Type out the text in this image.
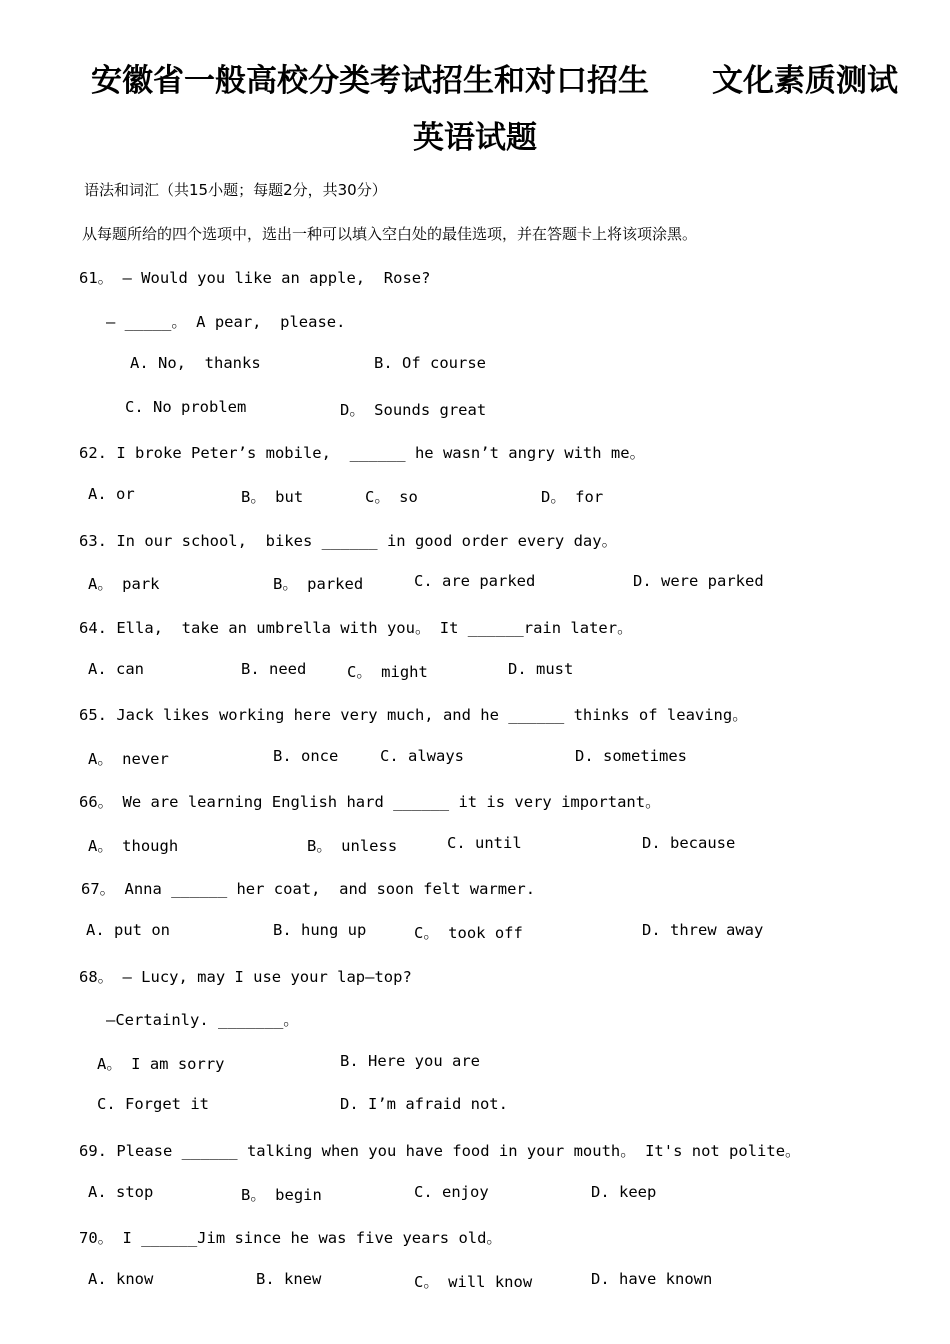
安徽省一般高校分类考试招生和对口招生 文化素质测试
英语试题
语法和词汇（共15小题；每题2分，共30分）
从每题所给的四个选项中，选出一种可以填入空白处的最佳选项，并在答题卡上将该项涂黑。
61。 — Would you like an apple,  Rose?
— _____。 A pear,  please.
A. No,  thanks	B. Of course
C. No problem	D。 Sounds great
62. I broke Peter’s mobile,  ______ he wasn’t angry with me。
A. or	B。 but	C。 so	D。 for
63. In our school,  bikes ______ in good order every day。
A。 park	B。 parked	C. are parked	D. were parked
64. Ella,  take an umbrella with you。 It ______rain later。
A. can	B. need	C。 might	D. must
65. Jack likes working here very much, and he ______ thinks of leaving。
A。 never	B. once	C. always	D. sometimes
66。 We are learning English hard ______ it is very important。
A。 though	B。 unless	C. until	D. because
67。 Anna ______ her coat,  and soon felt warmer.
A. put on	B. hung up	C。 took off	D. threw away
68。 — Lucy, may I use your lap—top?
—Certainly. _______。
A。 I am sorry	B. Here you are
C. Forget it	D. I’m afraid not.
69. Please ______ talking when you have food in your mouth。 It's not polite。
A. stop	B。 begin	C. enjoy	D. keep
70。 I ______Jim since he was five years old。
A. know	B. knew	C。 will know	D. have known
